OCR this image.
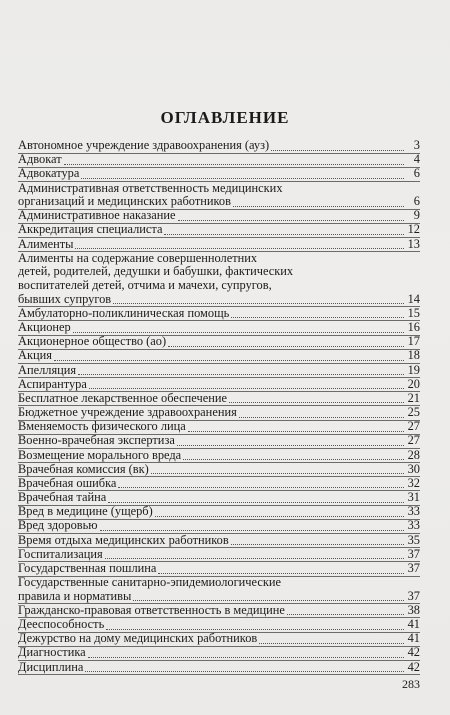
ОГЛАВЛЕНИЕ
Автономное учреждение здравоохранения (ауз)	3
Адвокат	4
Адвокатура	6
Административная ответственность медицинских
организаций и медицинских работников	6
Административное наказание	9
Аккредитация специалиста	12
Алименты	13
Алименты на содержание совершеннолетних
детей, родителей, дедушки и бабушки, фактических
воспитателей детей, отчима и мачехи, супругов,
бывших супругов	14
Амбулаторно-поликлиническая помощь	15
Акционер	16
Акционерное общество (ао)	17
Акция	18
Апелляция	19
Аспирантура	20
Бесплатное лекарственное обеспечение	21
Бюджетное учреждение здравоохранения	25
Вменяемость физического лица	27
Военно-врачебная экспертиза	27
Возмещение морального вреда	28
Врачебная комиссия (вк)	30
Врачебная ошибка	32
Врачебная тайна	31
Вред в медицине (ущерб)	33
Вред здоровью	33
Время отдыха медицинских работников	35
Госпитализация	37
Государственная пошлина	37
Государственные санитарно-эпидемиологические
правила и нормативы	37
Гражданско-правовая ответственность в медицине	38
Дееспособность	41
Дежурство на дому медицинских работников	41
Диагностика	42
Дисциплина	42
283
